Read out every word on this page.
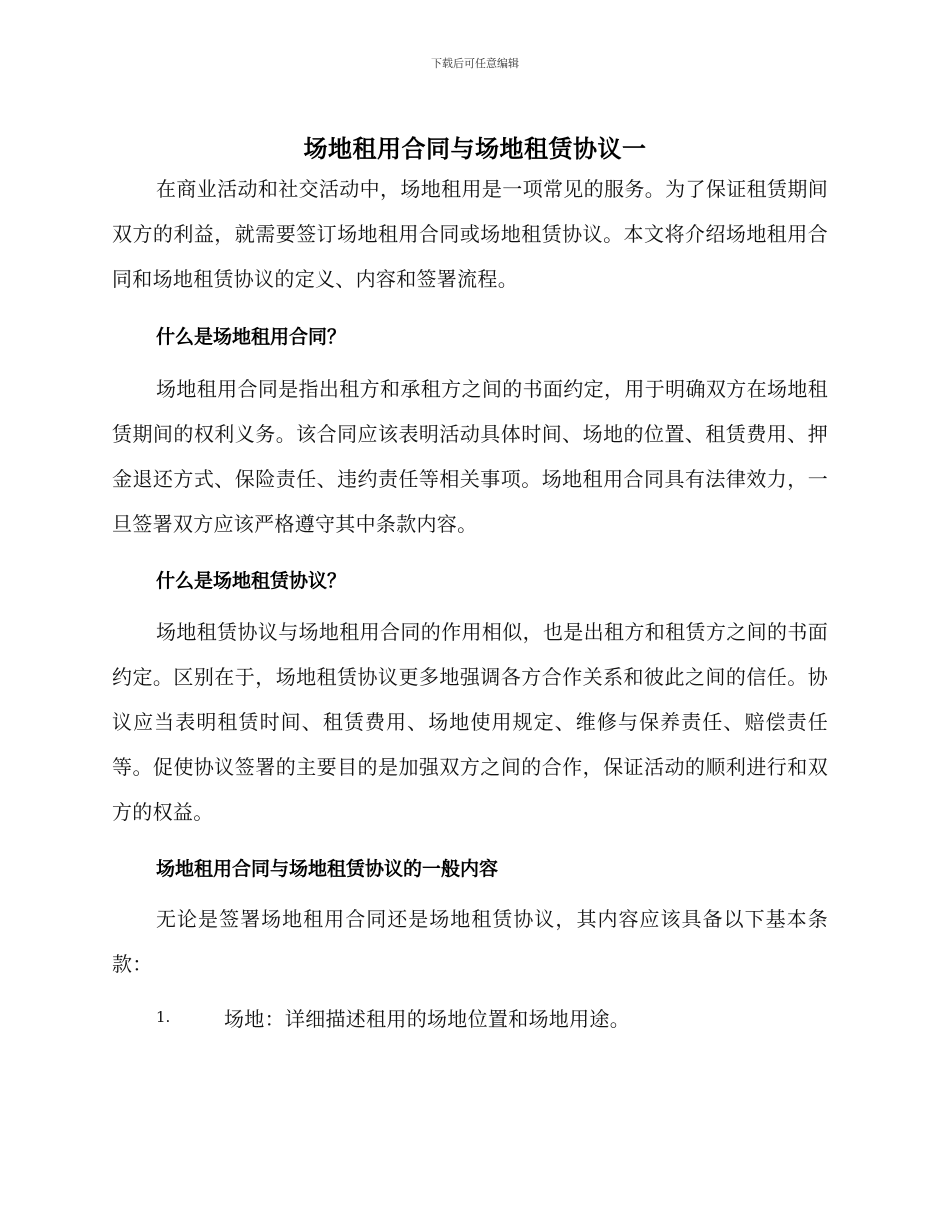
下载后可任意编辑
场地租用合同与场地租赁协议一

在商业活动和社交活动中，场地租用是一项常见的服务。为了保证租赁期间双方的利益，就需要签订场地租用合同或场地租赁协议。本文将介绍场地租用合同和场地租赁协议的定义、内容和签署流程。

什么是场地租用合同？

场地租用合同是指出租方和承租方之间的书面约定，用于明确双方在场地租赁期间的权利义务。该合同应该表明活动具体时间、场地的位置、租赁费用、押金退还方式、保险责任、违约责任等相关事项。场地租用合同具有法律效力，一旦签署双方应该严格遵守其中条款内容。

什么是场地租赁协议？

场地租赁协议与场地租用合同的作用相似，也是出租方和租赁方之间的书面约定。区别在于，场地租赁协议更多地强调各方合作关系和彼此之间的信任。协议应当表明租赁时间、租赁费用、场地使用规定、维修与保养责任、赔偿责任等。促使协议签署的主要目的是加强双方之间的合作，保证活动的顺利进行和双方的权益。

场地租用合同与场地租赁协议的一般内容

无论是签署场地租用合同还是场地租赁协议，其内容应该具备以下基本条款：

1.	场地：详细描述租用的场地位置和场地用途。
